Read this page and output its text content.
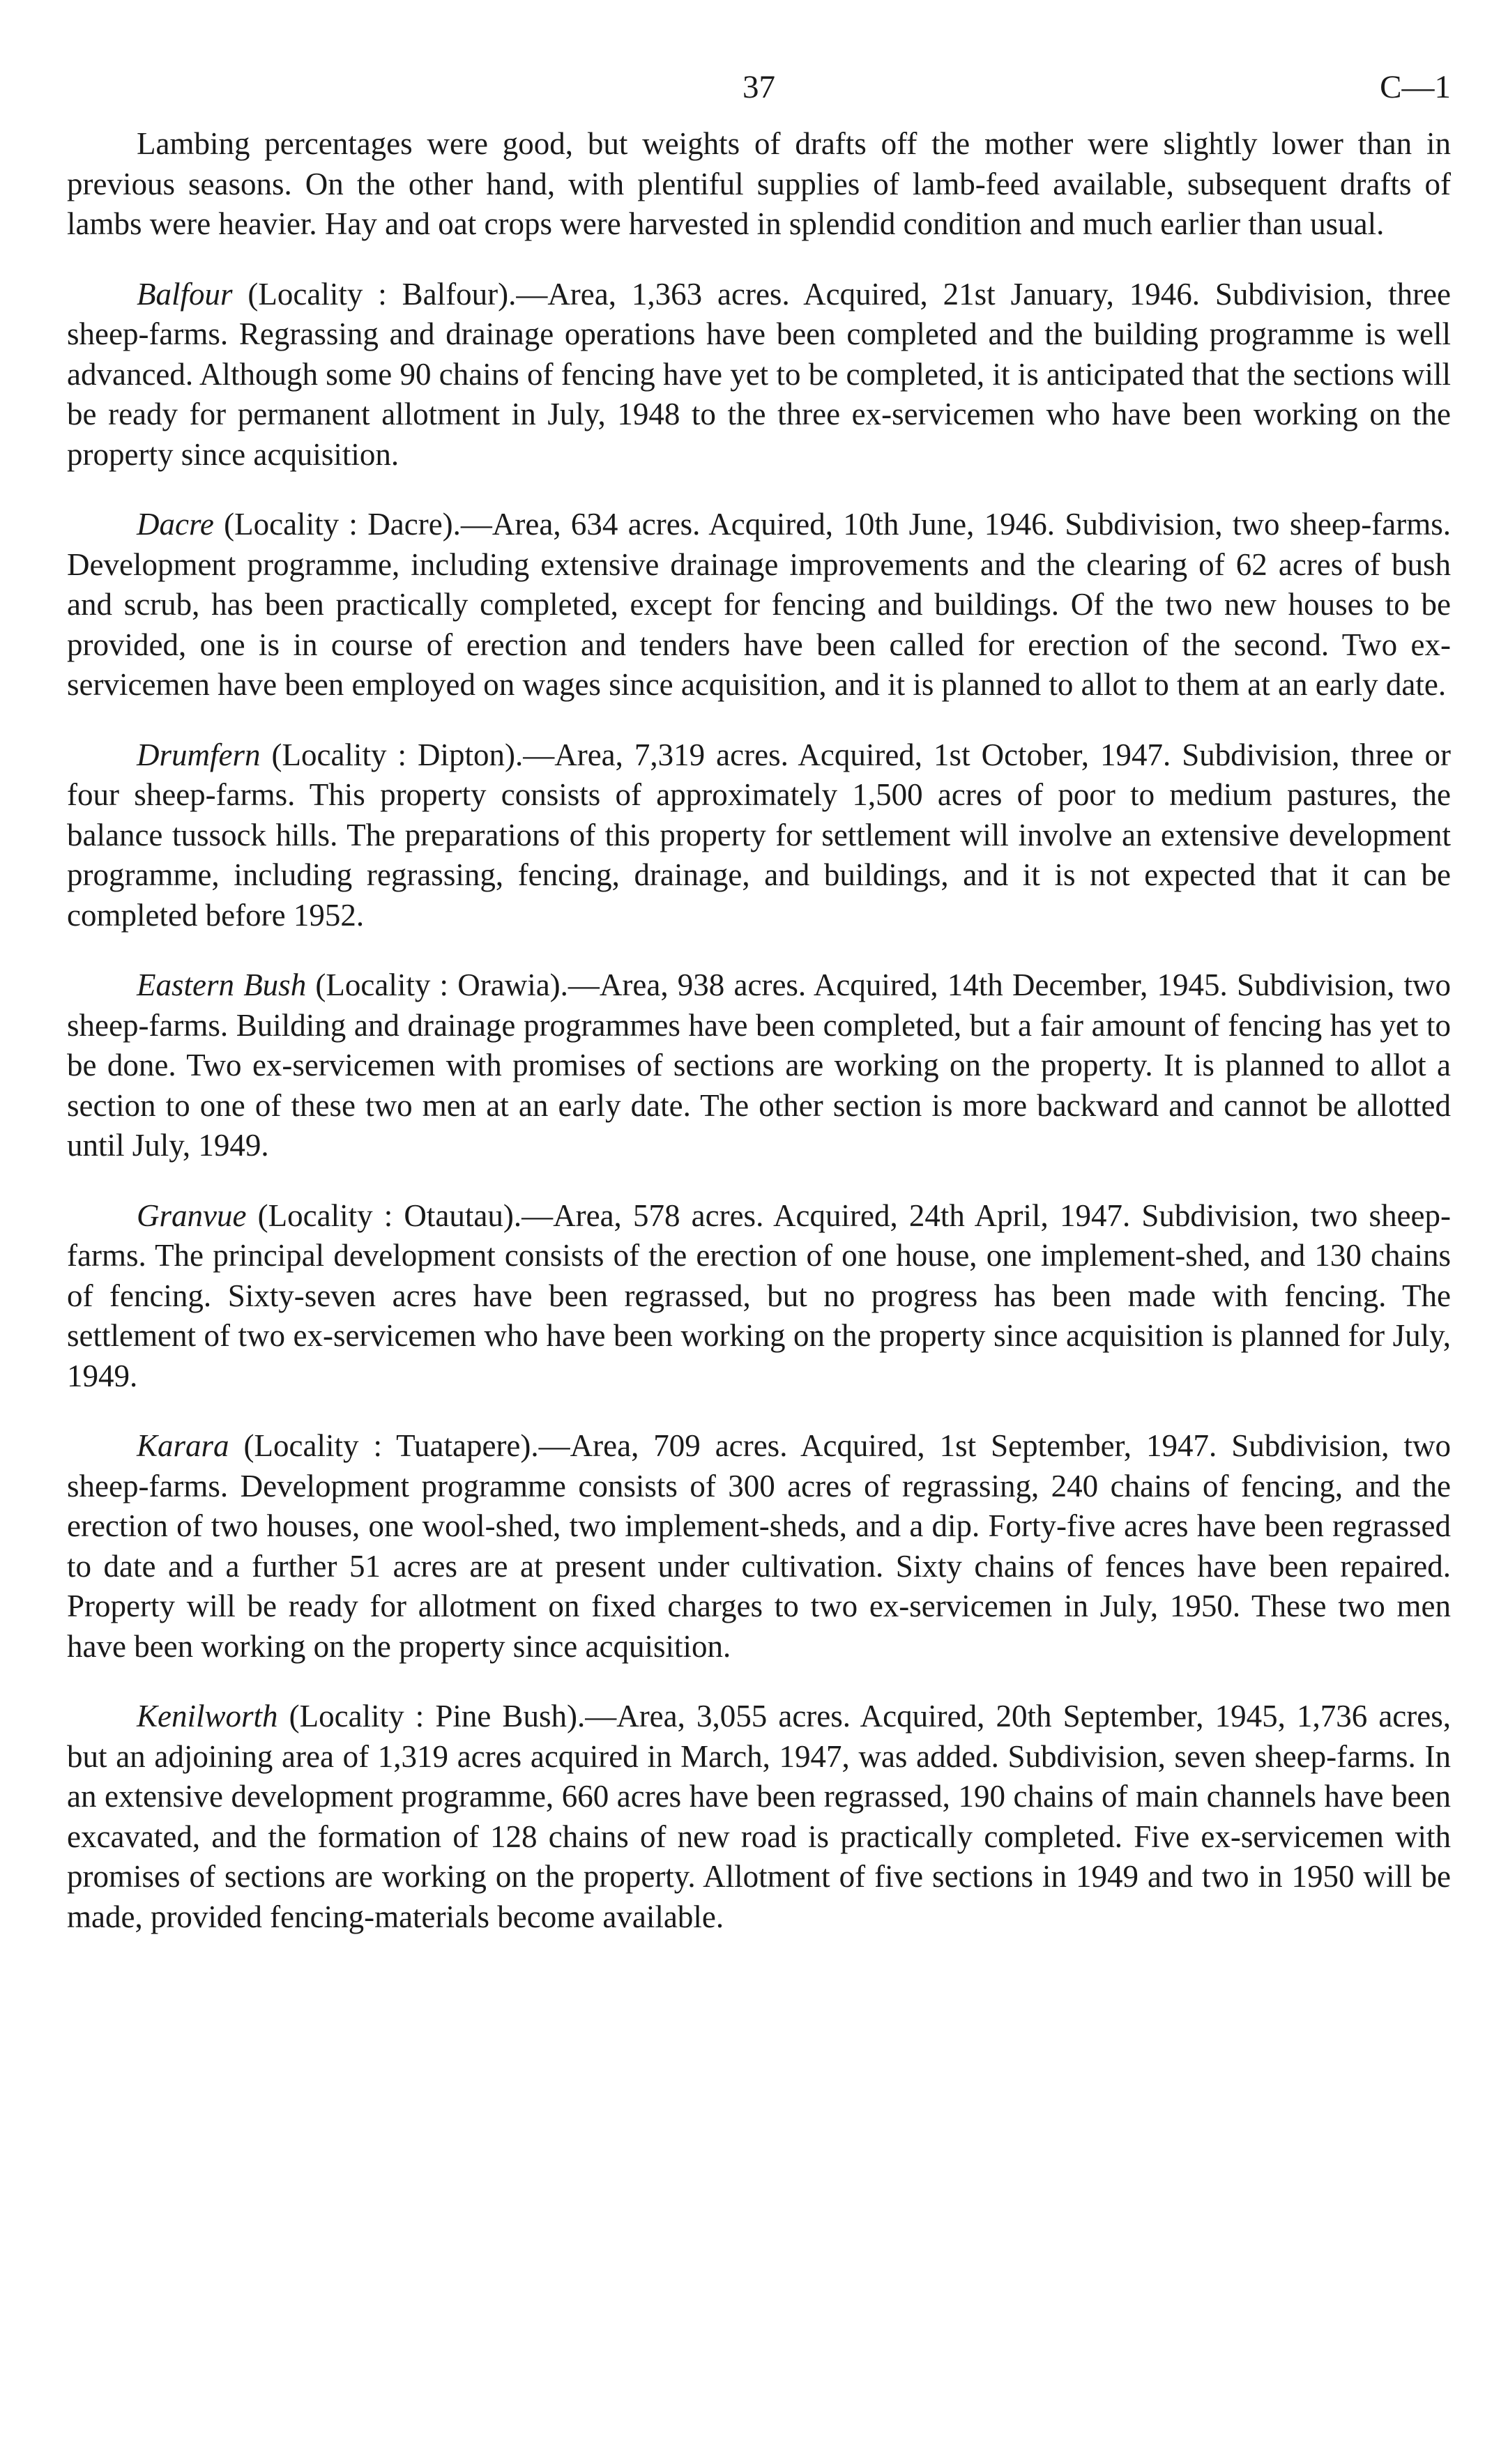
37	C—1

Lambing percentages were good, but weights of drafts off the mother were slightly lower than in previous seasons. On the other hand, with plentiful supplies of lamb-feed available, subsequent drafts of lambs were heavier. Hay and oat crops were harvested in splendid condition and much earlier than usual.

Balfour (Locality : Balfour).—Area, 1,363 acres. Acquired, 21st January, 1946. Subdivision, three sheep-farms. Regrassing and drainage operations have been completed and the building programme is well advanced. Although some 90 chains of fencing have yet to be completed, it is anticipated that the sections will be ready for permanent allotment in July, 1948 to the three ex-servicemen who have been working on the property since acquisition.

Dacre (Locality : Dacre).—Area, 634 acres. Acquired, 10th June, 1946. Subdivision, two sheep-farms. Development programme, including extensive drainage improvements and the clearing of 62 acres of bush and scrub, has been practically completed, except for fencing and buildings. Of the two new houses to be provided, one is in course of erection and tenders have been called for erection of the second. Two ex-servicemen have been employed on wages since acquisition, and it is planned to allot to them at an early date.

Drumfern (Locality : Dipton).—Area, 7,319 acres. Acquired, 1st October, 1947. Subdivision, three or four sheep-farms. This property consists of approximately 1,500 acres of poor to medium pastures, the balance tussock hills. The preparations of this property for settlement will involve an extensive development programme, including regrassing, fencing, drainage, and buildings, and it is not expected that it can be completed before 1952.

Eastern Bush (Locality : Orawia).—Area, 938 acres. Acquired, 14th December, 1945. Subdivision, two sheep-farms. Building and drainage programmes have been completed, but a fair amount of fencing has yet to be done. Two ex-servicemen with promises of sections are working on the property. It is planned to allot a section to one of these two men at an early date. The other section is more backward and cannot be allotted until July, 1949.

Granvue (Locality : Otautau).—Area, 578 acres. Acquired, 24th April, 1947. Subdivision, two sheep-farms. The principal development consists of the erection of one house, one implement-shed, and 130 chains of fencing. Sixty-seven acres have been regrassed, but no progress has been made with fencing. The settlement of two ex-servicemen who have been working on the property since acquisition is planned for July, 1949.

Karara (Locality : Tuatapere).—Area, 709 acres. Acquired, 1st September, 1947. Subdivision, two sheep-farms. Development programme consists of 300 acres of regrassing, 240 chains of fencing, and the erection of two houses, one wool-shed, two implement-sheds, and a dip. Forty-five acres have been regrassed to date and a further 51 acres are at present under cultivation. Sixty chains of fences have been repaired. Property will be ready for allotment on fixed charges to two ex-servicemen in July, 1950. These two men have been working on the property since acquisition.

Kenilworth (Locality : Pine Bush).—Area, 3,055 acres. Acquired, 20th September, 1945, 1,736 acres, but an adjoining area of 1,319 acres acquired in March, 1947, was added. Subdivision, seven sheep-farms. In an extensive development programme, 660 acres have been regrassed, 190 chains of main channels have been excavated, and the formation of 128 chains of new road is practically completed. Five ex-servicemen with promises of sections are working on the property. Allotment of five sections in 1949 and two in 1950 will be made, provided fencing-materials become available.
